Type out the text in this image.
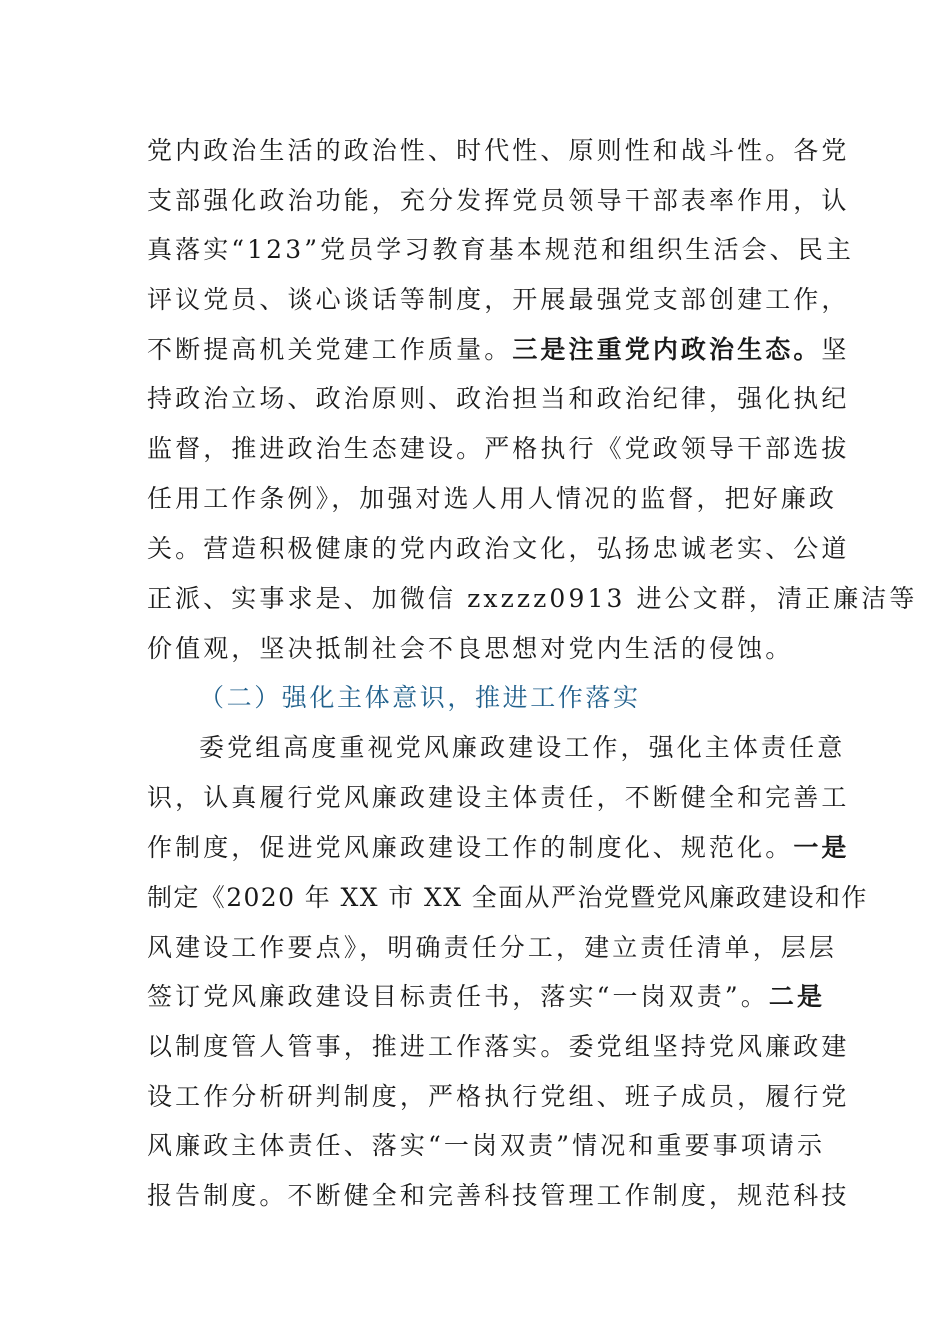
党内政治生活的政治性、时代性、原则性和战斗性。各党
支部强化政治功能，充分发挥党员领导干部表率作用，认
真落实“123”党员学习教育基本规范和组织生活会、民主
评议党员、谈心谈话等制度，开展最强党支部创建工作，
不断提高机关党建工作质量。三是注重党内政治生态。坚
持政治立场、政治原则、政治担当和政治纪律，强化执纪
监督，推进政治生态建设。严格执行《党政领导干部选拔
任用工作条例》，加强对选人用人情况的监督，把好廉政
关。营造积极健康的党内政治文化，弘扬忠诚老实、公道
正派、实事求是、加微信 zxzzz0913 进公文群，清正廉洁等
价值观，坚决抵制社会不良思想对党内生活的侵蚀。
（二）强化主体意识，推进工作落实
委党组高度重视党风廉政建设工作，强化主体责任意
识，认真履行党风廉政建设主体责任，不断健全和完善工
作制度，促进党风廉政建设工作的制度化、规范化。一是
制定《2020 年 XX 市 XX 全面从严治党暨党风廉政建设和作
风建设工作要点》，明确责任分工，建立责任清单，层层
签订党风廉政建设目标责任书，落实“一岗双责”。二是
以制度管人管事，推进工作落实。委党组坚持党风廉政建
设工作分析研判制度，严格执行党组、班子成员，履行党
风廉政主体责任、落实“一岗双责”情况和重要事项请示
报告制度。不断健全和完善科技管理工作制度，规范科技
